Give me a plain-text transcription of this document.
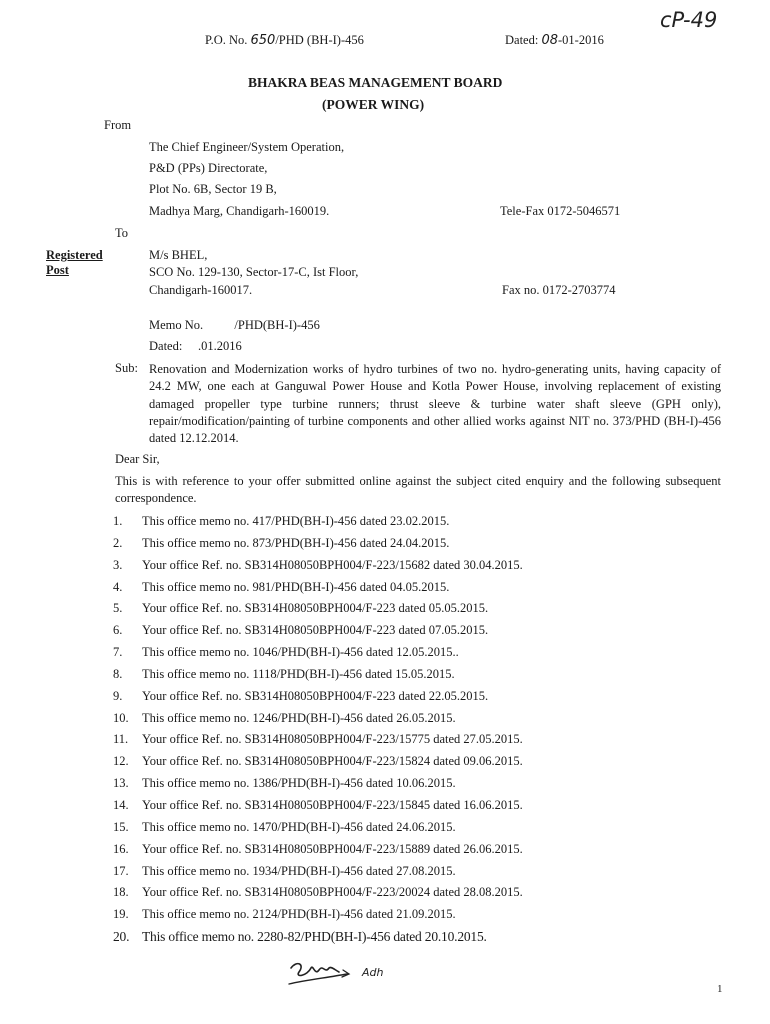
cP-49
P.O. No. 650/PHD (BH-I)-456	Dated: 08-01-2016
BHAKRA BEAS MANAGEMENT BOARD
(POWER WING)
From
The Chief Engineer/System Operation,
P&D (PPs) Directorate,
Plot No. 6B, Sector 19 B,
Madhya Marg, Chandigarh-160019.	Tele-Fax 0172-5046571
To
Registered
Post
M/s BHEL,
SCO No. 129-130, Sector-17-C, Ist Floor,
Chandigarh-160017.	Fax no. 0172-2703774
Memo No.          /PHD(BH-I)-456
Dated:     .01.2016
Sub: Renovation and Modernization works of hydro turbines of two no. hydro-generating units, having capacity of 24.2 MW, one each at Ganguwal Power House and Kotla Power House, involving replacement of existing damaged propeller type turbine runners; thrust sleeve & turbine water shaft sleeve (GPH only), repair/modification/painting of turbine components and other allied works against NIT no. 373/PHD (BH-I)-456 dated 12.12.2014.
Dear Sir,
This is with reference to your offer submitted online against the subject cited enquiry and the following subsequent correspondence.
1. This office memo no. 417/PHD(BH-I)-456 dated 23.02.2015.
2. This office memo no. 873/PHD(BH-I)-456 dated 24.04.2015.
3. Your office Ref. no. SB314H08050BPH004/F-223/15682 dated 30.04.2015.
4. This office memo no. 981/PHD(BH-I)-456 dated 04.05.2015.
5. Your office Ref. no. SB314H08050BPH004/F-223 dated 05.05.2015.
6. Your office Ref. no. SB314H08050BPH004/F-223 dated 07.05.2015.
7. This office memo no. 1046/PHD(BH-I)-456 dated 12.05.2015..
8. This office memo no. 1118/PHD(BH-I)-456 dated 15.05.2015.
9. Your office Ref. no. SB314H08050BPH004/F-223 dated 22.05.2015.
10. This office memo no. 1246/PHD(BH-I)-456 dated 26.05.2015.
11. Your office Ref. no. SB314H08050BPH004/F-223/15775 dated 27.05.2015.
12. Your office Ref. no. SB314H08050BPH004/F-223/15824 dated 09.06.2015.
13. This office memo no. 1386/PHD(BH-I)-456 dated 10.06.2015.
14. Your office Ref. no. SB314H08050BPH004/F-223/15845 dated 16.06.2015.
15. This office memo no. 1470/PHD(BH-I)-456 dated 24.06.2015.
16. Your office Ref. no. SB314H08050BPH004/F-223/15889 dated 26.06.2015.
17. This office memo no. 1934/PHD(BH-I)-456 dated 27.08.2015.
18. Your office Ref. no. SB314H08050BPH004/F-223/20024 dated 28.08.2015.
19. This office memo no. 2124/PHD(BH-I)-456 dated 21.09.2015.
20. This office memo no. 2280-82/PHD(BH-I)-456 dated 20.10.2015.
Adh
1
